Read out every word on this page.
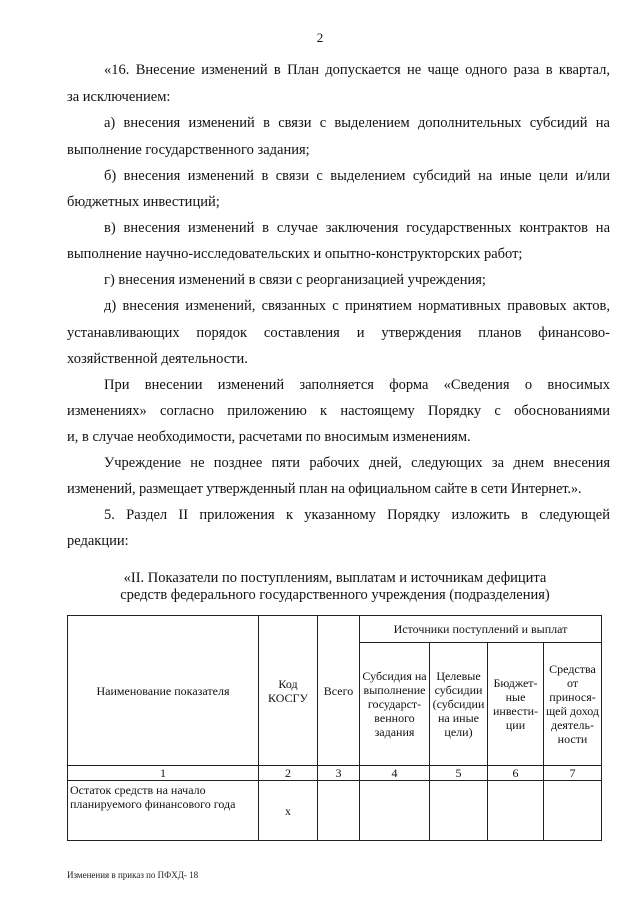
2
«16. Внесение изменений в План допускается не чаще одного раза в квартал,
за исключением:
а) внесения изменений в связи с выделением дополнительных субсидий на
выполнение государственного задания;
б) внесения изменений в связи с выделением субсидий на иные цели и/или
бюджетных инвестиций;
в) внесения изменений в случае заключения государственных контрактов на
выполнение научно-исследовательских и опытно-конструкторских работ;
г) внесения изменений в связи с реорганизацией учреждения;
д) внесения изменений, связанных с принятием нормативных правовых актов,
устанавливающих порядок составления и утверждения планов финансово-
хозяйственной деятельности.
При внесении изменений заполняется форма «Сведения о вносимых
изменениях» согласно приложению к настоящему Порядку с обоснованиями
и, в случае необходимости, расчетами по вносимым изменениям.
Учреждение не позднее пяти рабочих дней, следующих за днем внесения
изменений, размещает утвержденный план на официальном сайте в сети Интернет.».
5. Раздел II приложения к указанному Порядку изложить в следующей
редакции:
«II. Показатели по поступлениям, выплатам и источникам дефицита
средств федерального государственного учреждения (подразделения)
Наименование показателя	Код КОСГУ	Всего	Источники поступлений и выплат			
			Субсидия на выполнение государст-венного задания	Целевые субсидии (субсидии на иные цели)	Бюджет-ные инвести-ции	Средства от принося-щей доход деятель-ности
1	2	3	4	5	6	7
Остаток средств на начало планируемого финансового года	x					
Изменения в приказ по ПФХД- 18
